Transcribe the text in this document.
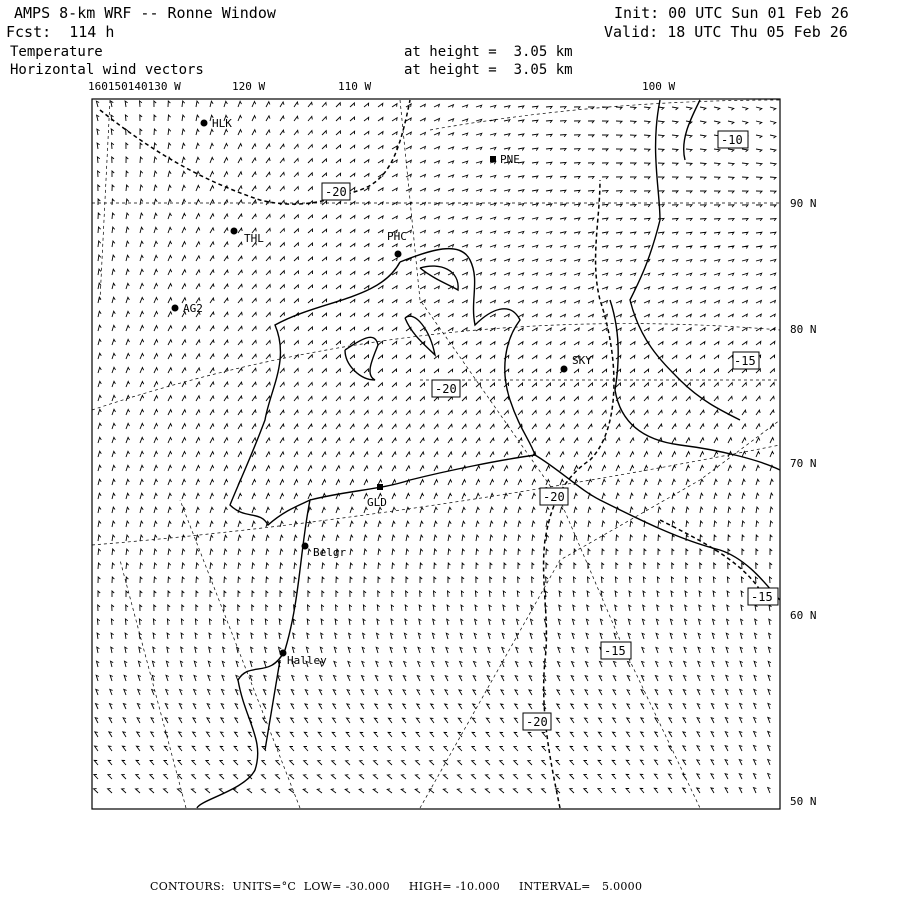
AMPS 8-km WRF -- Ronne Window
Fcst:  114 h
Init: 00 UTC Sun 01 Feb 26
Valid: 18 UTC Thu 05 Feb 26
Temperature
Horizontal wind vectors
at height =  3.05 km
at height =  3.05 km
160150140130 W	120 W	110 W	100 W
90 N
80 N
70 N
60 N
50 N
HLK
PNE
THL	PHC
AG2
SKY
GLD
Belgr
Halley
-10
-20
-20
-15
-20
-15
-20
-15
CONTOURS:  UNITS=°C  LOW= -30.000     HIGH= -10.000     INTERVAL=   5.0000
